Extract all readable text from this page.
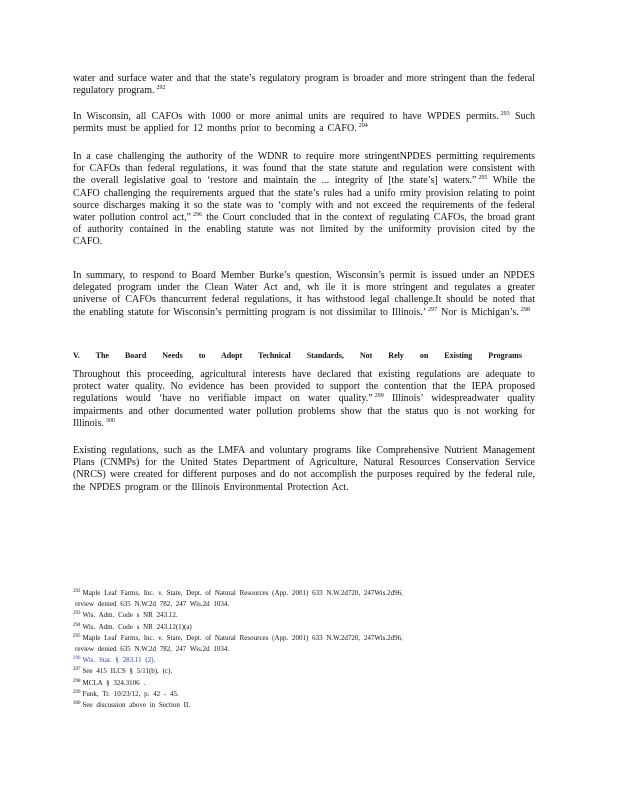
water and surface water and that the state’s regulatory program is broader and more stringent than the federal regulatory program. $^{292}$

In Wisconsin, all CAFOs with 1000 or more animal units are required to have WPDES permits. $^{293}$ Such permits must be applied for 12 months prior to becoming a CAFO. $^{294}$

In a case challenging the authority of the WDNR to require more stringentNPDES permitting requirements for CAFOs than federal regulations, it was found that the state statute and regulation were consistent with the overall legislative goal to ‘restore and maintain the ... integrity of [the state’s] waters.” $^{295}$ While the CAFO challenging the requirements argued that the state’s rules had a unifo rmity provision relating to point source discharges making it so the state was to ‘comply with and not exceed the requirements of the federal water pollution control act,” $^{296}$ the Court concluded that in the context of regulating CAFOs, the broad grant of authority contained in the enabling statute was not limited by the uniformity provision cited by the CAFO.

In summary, to respond to Board Member Burke’s question, Wisconsin’s permit is issued under an NPDES delegated program under the Clean Water Act and, wh ile it is more stringent and regulates a greater universe of CAFOs thancurrent federal regulations, it has withstood legal challenge.It should be noted that the enabling statute for Wisconsin’s permitting program is not dissimilar to Illinois.’ $^{297}$ Nor is Michigan’s. $^{298}$

V. The Board Needs to Adopt Technical Standards, Not Rely on Existing Programs

Throughout this proceeding, agricultural interests have declared that existing regulations are adequate to protect water quality. No evidence has been provided to support the contention that the IEPA proposed regulations would ‘have no verifiable impact on water quality.” $^{299}$ Illinois’ widespreadwater quality impairments and other documented water pollution problems show that the status quo is not working for Illinois. $^{300}$

Existing regulations, such as the LMFA and voluntary programs like Comprehensive Nutrient Management Plans (CNMPs) for the United States Department of Agriculture, Natural Resources Conservation Service (NRCS) were created for different purposes and do not accomplish the purposes required by the federal rule, the NPDES program or the Illinois Environmental Protection Act.

$^{292}$ Maple Leaf Farms, Inc. v. State, Dept. of Natural Resources (App. 2001) 633 N.W.2d720, 247Wis.2d96,

review denied 635 N.W.2d 782, 247 Wis.2d 1034.

$^{293}$ Wis. Adm. Code s NR 243.12.

$^{294}$ Wis. Adm. Code s NR 243.12(1)(a)

$^{295}$ Maple Leaf Farms, Inc. v. State, Dept. of Natural Resources (App. 2001) 633 N.W.2d720, 247Wis.2d96,

review denied 635 N.W.2d 782, 247 Wis.2d 1034.

$^{296}$ Wis. Stat. § 283.11 (2).

$^{297}$ See 415 ILCS § 5/11(b), (c).

$^{298}$ MCLA § 324.3106 .

$^{299}$ Funk, Tr. 10/23/12, p. 42 - 45.

$^{300}$ See discussion above in Section II.
